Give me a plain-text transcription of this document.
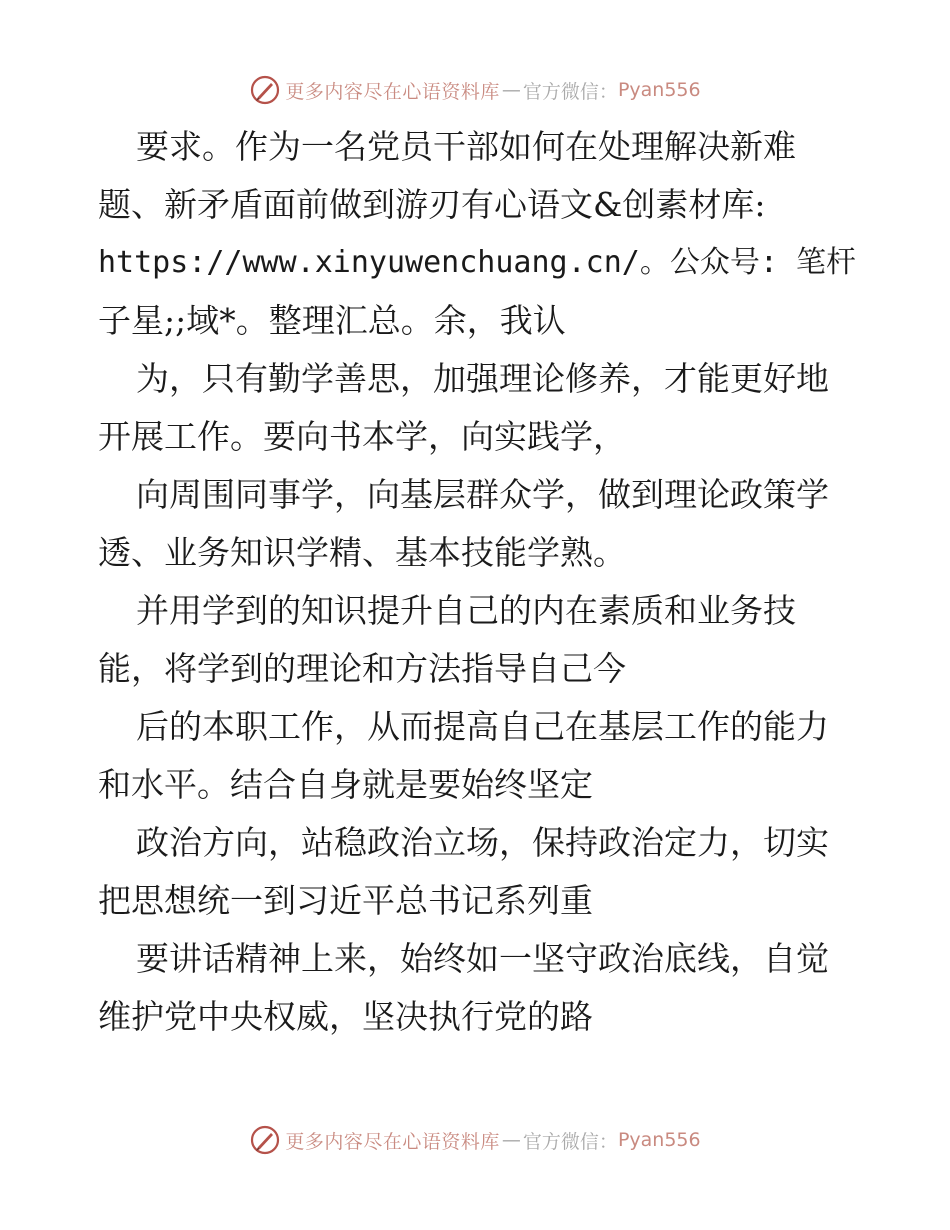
更多内容尽在心语资料库 — 官方微信： Pyan556
要求。作为一名党员干部如何在处理解决新难
题、新矛盾面前做到游刃有心语文&创素材库:
https://www.xinyuwenchuang.cn/。公众号: 笔杆
子星;;域*。整理汇总。余，我认
为，只有勤学善思，加强理论修养，才能更好地
开展工作。要向书本学，向实践学，
向周围同事学，向基层群众学，做到理论政策学
透、业务知识学精、基本技能学熟。
并用学到的知识提升自己的内在素质和业务技
能，将学到的理论和方法指导自己今
后的本职工作，从而提高自己在基层工作的能力
和水平。结合自身就是要始终坚定
政治方向，站稳政治立场，保持政治定力，切实
把思想统一到习近平总书记系列重
要讲话精神上来，始终如一坚守政治底线，自觉
维护党中央权威，坚决执行党的路
更多内容尽在心语资料库 — 官方微信： Pyan556
